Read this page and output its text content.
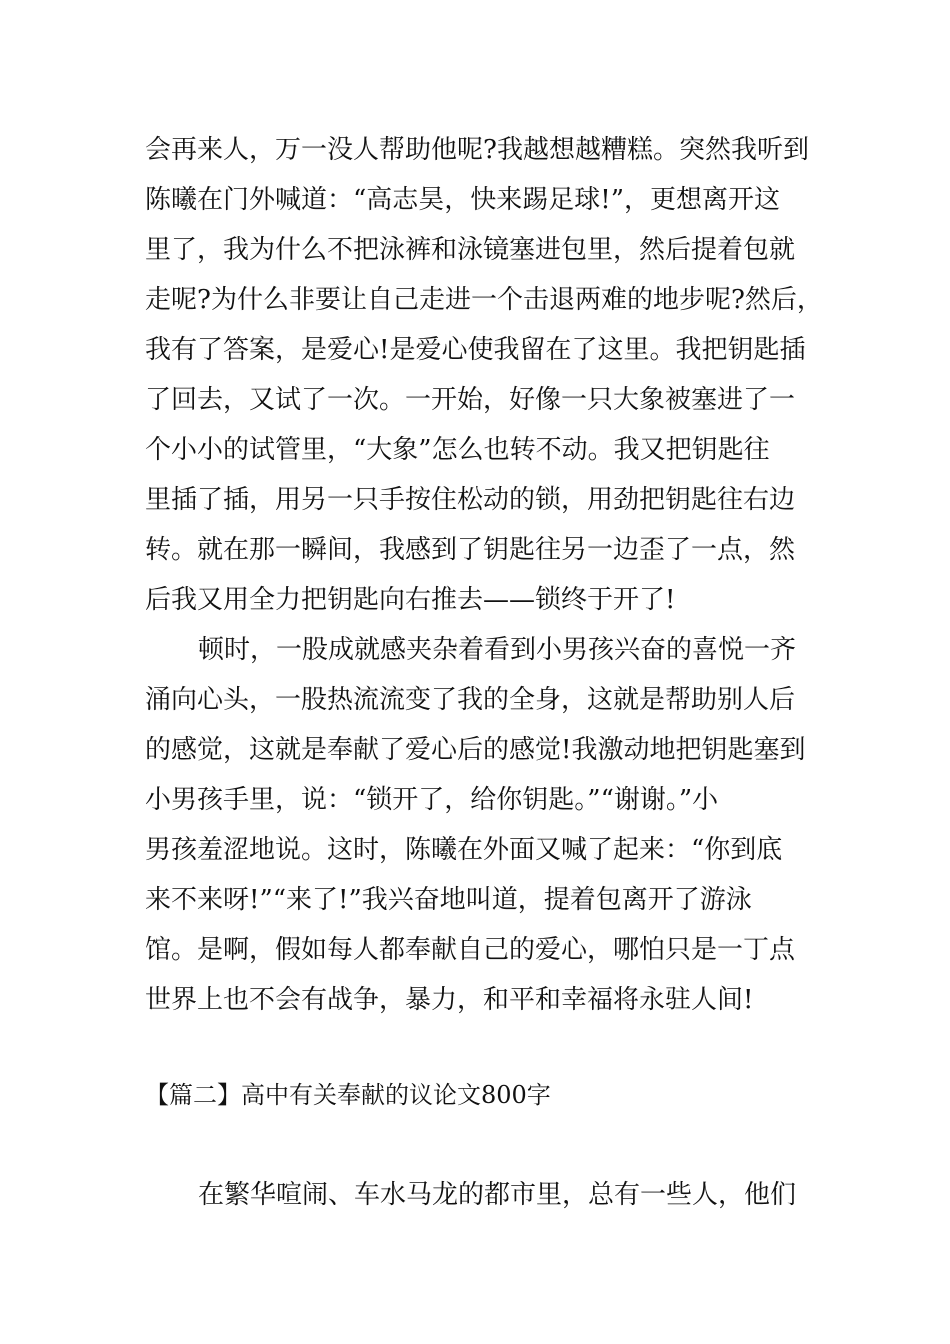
会再来人，万一没人帮助他呢?我越想越糟糕。突然我听到
陈曦在门外喊道：“高志昊，快来踢足球!”，更想离开这
里了，我为什么不把泳裤和泳镜塞进包里，然后提着包就
走呢?为什么非要让自己走进一个击退两难的地步呢?然后，
我有了答案，是爱心!是爱心使我留在了这里。我把钥匙插
了回去，又试了一次。一开始，好像一只大象被塞进了一
个小小的试管里，“大象”怎么也转不动。我又把钥匙往
里插了插，用另一只手按住松动的锁，用劲把钥匙往右边
转。就在那一瞬间，我感到了钥匙往另一边歪了一点，然
后我又用全力把钥匙向右推去——锁终于开了!
顿时，一股成就感夹杂着看到小男孩兴奋的喜悦一齐
涌向心头，一股热流流变了我的全身，这就是帮助别人后
的感觉，这就是奉献了爱心后的感觉!我激动地把钥匙塞到
小男孩手里，说：“锁开了，给你钥匙。”“谢谢。”小
男孩羞涩地说。这时，陈曦在外面又喊了起来：“你到底
来不来呀!”“来了!”我兴奋地叫道，提着包离开了游泳
馆。是啊，假如每人都奉献自己的爱心，哪怕只是一丁点
世界上也不会有战争，暴力，和平和幸福将永驻人间!
【篇二】高中有关奉献的议论文800字
在繁华喧闹、车水马龙的都市里，总有一些人，他们
